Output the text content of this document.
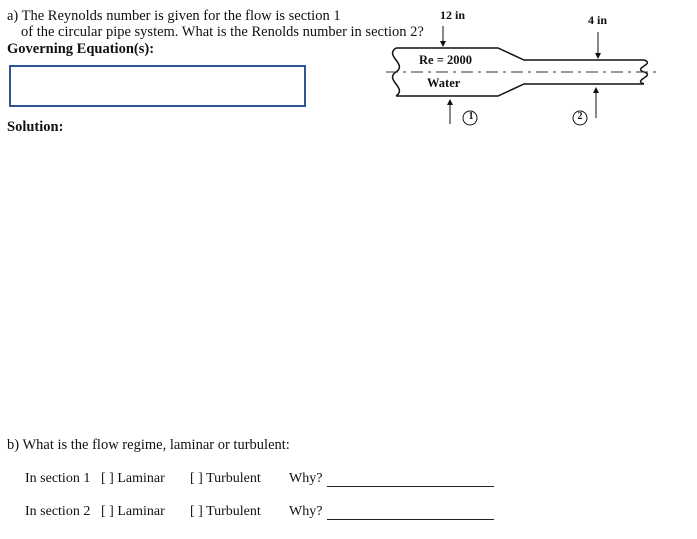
a) The Reynolds number is given for the flow is section 1
of the circular pipe system. What is the Renolds number in section 2?
Governing Equation(s):
Solution:
12 in	4 in
Re = 2000
Water
1	2
b) What is the flow regime, laminar or turbulent:
In section 1 [ ] Laminar [ ] Turbulent Why?
In section 2 [ ] Laminar [ ] Turbulent Why?
